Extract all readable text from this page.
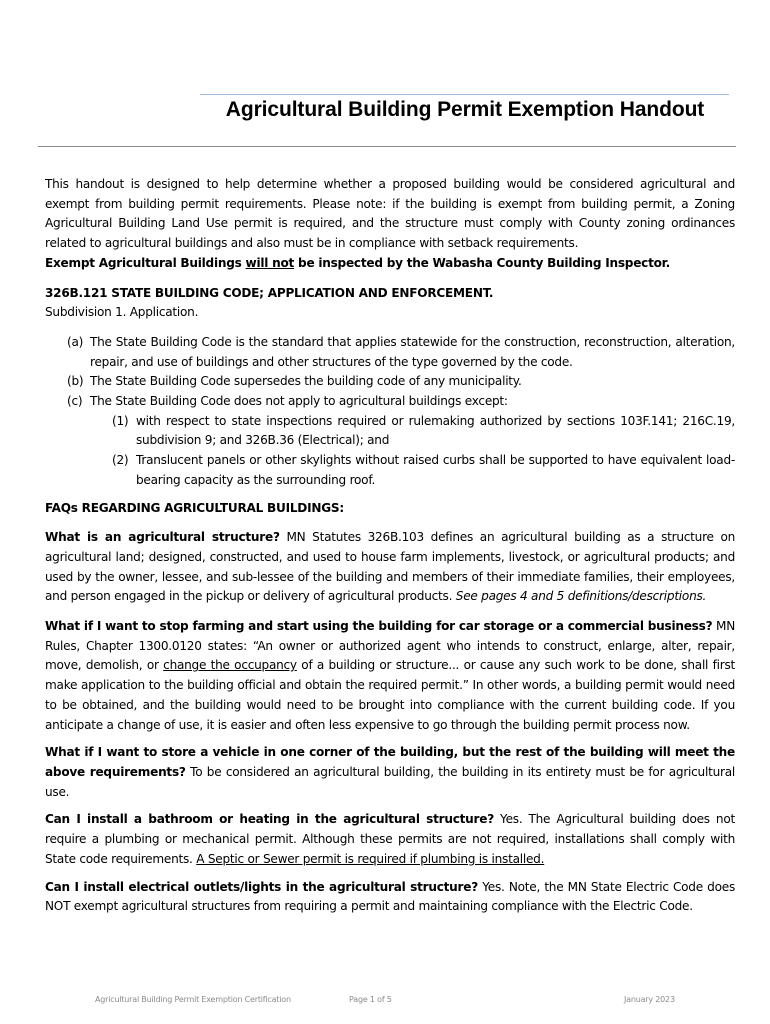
Agricultural Building Permit Exemption Handout

This handout is designed to help determine whether a proposed building would be considered agricultural and exempt from building permit requirements. Please note: if the building is exempt from building permit, a Zoning Agricultural Building Land Use permit is required, and the structure must comply with County zoning ordinances related to agricultural buildings and also must be in compliance with setback requirements.

Exempt Agricultural Buildings will not be inspected by the Wabasha County Building Inspector.

326B.121 STATE BUILDING CODE; APPLICATION AND ENFORCEMENT.

Subdivision 1. Application.

(a) The State Building Code is the standard that applies statewide for the construction, reconstruction, alteration, repair, and use of buildings and other structures of the type governed by the code.
(b) The State Building Code supersedes the building code of any municipality.
(c) The State Building Code does not apply to agricultural buildings except:
(1) with respect to state inspections required or rulemaking authorized by sections 103F.141; 216C.19, subdivision 9; and 326B.36 (Electrical); and
(2) Translucent panels or other skylights without raised curbs shall be supported to have equivalent load-bearing capacity as the surrounding roof.

FAQs REGARDING AGRICULTURAL BUILDINGS:

What is an agricultural structure? MN Statutes 326B.103 defines an agricultural building as a structure on agricultural land; designed, constructed, and used to house farm implements, livestock, or agricultural products; and used by the owner, lessee, and sub-lessee of the building and members of their immediate families, their employees, and person engaged in the pickup or delivery of agricultural products. See pages 4 and 5 definitions/descriptions.

What if I want to stop farming and start using the building for car storage or a commercial business? MN Rules, Chapter 1300.0120 states: “An owner or authorized agent who intends to construct, enlarge, alter, repair, move, demolish, or change the occupancy of a building or structure... or cause any such work to be done, shall first make application to the building official and obtain the required permit.” In other words, a building permit would need to be obtained, and the building would need to be brought into compliance with the current building code. If you anticipate a change of use, it is easier and often less expensive to go through the building permit process now.

What if I want to store a vehicle in one corner of the building, but the rest of the building will meet the above requirements? To be considered an agricultural building, the building in its entirety must be for agricultural use.

Can I install a bathroom or heating in the agricultural structure? Yes. The Agricultural building does not require a plumbing or mechanical permit. Although these permits are not required, installations shall comply with State code requirements. A Septic or Sewer permit is required if plumbing is installed.

Can I install electrical outlets/lights in the agricultural structure? Yes. Note, the MN State Electric Code does NOT exempt agricultural structures from requiring a permit and maintaining compliance with the Electric Code.

Agricultural Building Permit Exemption Certification	Page 1 of 5	January 2023
